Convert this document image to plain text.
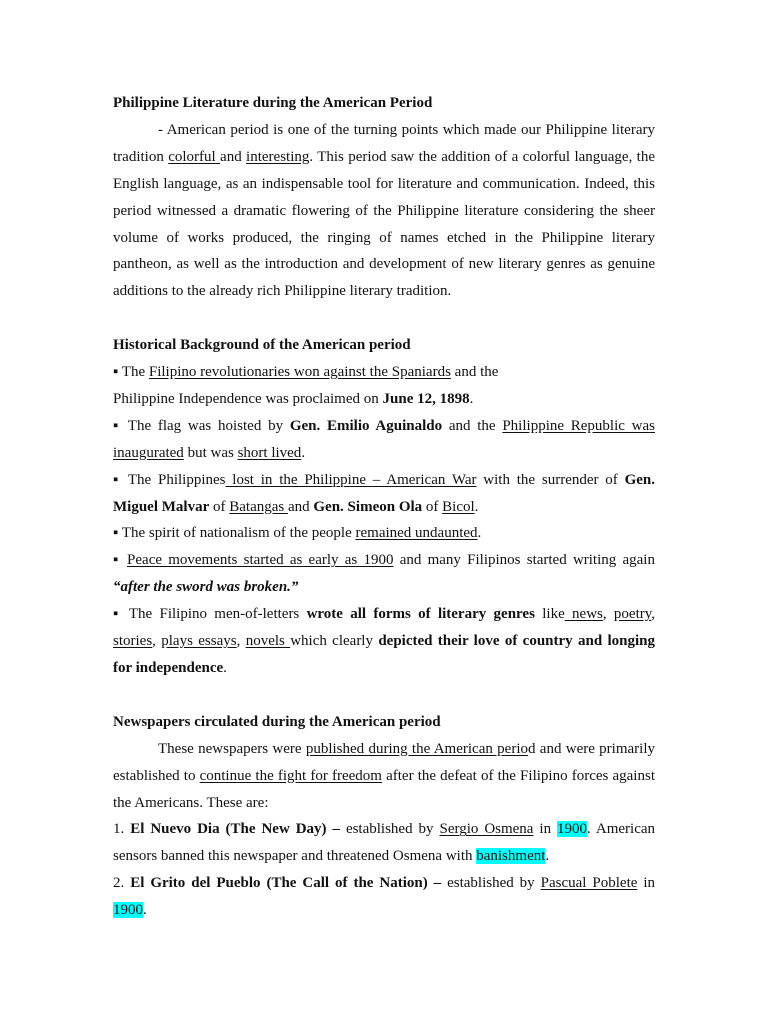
Philippine Literature during the American Period

- American period is one of the turning points which made our Philippine literary tradition colorful and interesting. This period saw the addition of a colorful language, the English language, as an indispensable tool for literature and communication. Indeed, this period witnessed a dramatic flowering of the Philippine literature considering the sheer volume of works produced, the ringing of names etched in the Philippine literary pantheon, as well as the introduction and development of new literary genres as genuine additions to the already rich Philippine literary tradition.

Historical Background of the American period

▪ The Filipino revolutionaries won against the Spaniards and the

Philippine Independence was proclaimed on June 12, 1898.

▪ The flag was hoisted by Gen. Emilio Aguinaldo and the Philippine Republic was inaugurated but was short lived.

▪ The Philippines lost in the Philippine – American War with the surrender of Gen. Miguel Malvar of Batangas and Gen. Simeon Ola of Bicol.

▪ The spirit of nationalism of the people remained undaunted.

▪ Peace movements started as early as 1900 and many Filipinos started writing again “after the sword was broken.”

▪ The Filipino men-of-letters wrote all forms of literary genres like news, poetry, stories, plays essays, novels which clearly depicted their love of country and longing for independence.

Newspapers circulated during the American period

These newspapers were published during the American period and were primarily established to continue the fight for freedom after the defeat of the Filipino forces against the Americans. These are:

1. El Nuevo Dia (The New Day) – established by Sergio Osmena in 1900. American sensors banned this newspaper and threatened Osmena with banishment.

2. El Grito del Pueblo (The Call of the Nation) – established by Pascual Poblete in 1900.
